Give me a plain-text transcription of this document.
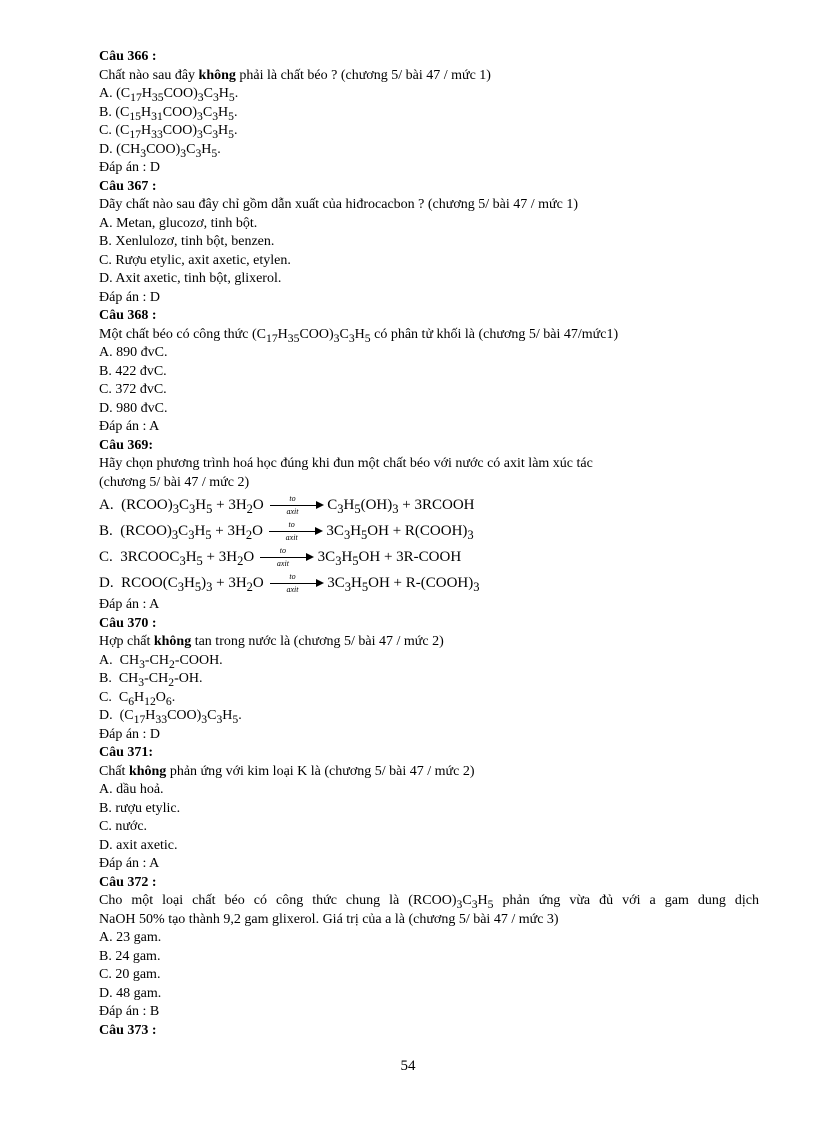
Câu 366 :
Chất nào sau đây không phải là chất béo ? (chương 5/ bài 47 / mức 1)
A. $(C_{17}H_{35}COO)_3C_3H_5$.
B. $(C_{15}H_{31}COO)_3C_3H_5$.
C. $(C_{17}H_{33}COO)_3C_3H_5$.
D. $(CH_3COO)_3C_3H_5$.
Đáp án : D
Câu 367 :
Dãy chất nào sau đây chỉ gồm dẫn xuất của hiđrocacbon ? (chương 5/ bài 47 / mức 1)
A. Metan, glucozơ, tinh bột.
B. Xenlulozơ, tinh bột, benzen.
C. Rượu etylic, axit axetic, etylen.
D. Axit axetic, tinh bột, glixerol.
Đáp án : D
Câu 368 :
Một chất béo có công thức $(C_{17}H_{35}COO)_3C_3H_5$ có phân tử khối là (chương 5/ bài 47/mức1)
A. 890 đvC.
B. 422 đvC.
C. 372 đvC.
D. 980 đvC.
Đáp án : A
Câu 369:
Hãy chọn phương trình hoá học đúng khi đun một chất béo với nước có axit làm xúc tác
(chương 5/ bài 47 / mức 2)
A.  $(RCOO)_3C_3H_5 + 3H_2O$	to
axit	$C_3H_5(OH)_3$ + 3RCOOH
B.  $(RCOO)_3C_3H_5 + 3H_2O$	to
axit	$3C_3H_5OH$ + $R(COOH)_3$
C.  $3RCOOC_3H_5 + 3H_2O$	to
axit	$3C_3H_5OH$ + 3R-COOH
D.  $RCOO(C_3H_5)_3 + 3H_2O$	to
axit	$3C_3H_5OH$ + $R-(COOH)_3$
Đáp án : A
Câu 370 :
Hợp chất không tan trong nước là (chương 5/ bài 47 / mức 2)
A.  $CH_3-CH_2$-COOH.
B.  $CH_3-CH_2-OH$.
C.  $C_6H_{12}O_6$.
D.  $(C_{17}H_{33}COO)_3C_3H_5$.
Đáp án : D
Câu 371:
Chất không phản ứng với kim loại K là (chương 5/ bài 47 / mức 2)
A. dầu hoả.
B. rượu etylic.
C. nước.
D. axit axetic.
Đáp án : A
Câu 372 :
Cho một loại chất béo có công thức chung là $(RCOO)_3C_3H_5$ phản ứng vừa đủ với a gam dung dịch
NaOH 50% tạo thành 9,2 gam glixerol. Giá trị của a là (chương 5/ bài 47 / mức 3)
A. 23 gam.
B. 24 gam.
C. 20 gam.
D. 48 gam.
Đáp án : B
Câu 373 :
54
